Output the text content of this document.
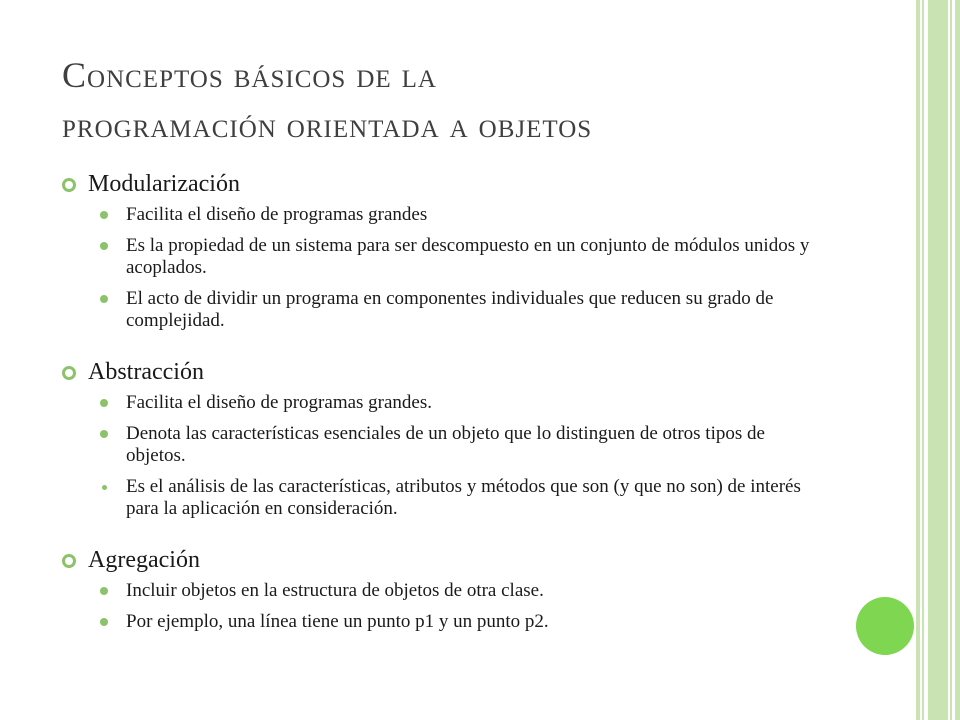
Conceptos básicos de la
programación orientada a objetos
Modularización
Facilita el diseño de programas grandes
Es la propiedad de un sistema para ser descompuesto en un conjunto de módulos unidos y acoplados.
El acto de dividir un programa en componentes individuales que reducen su grado de complejidad.
Abstracción
Facilita el diseño de programas grandes.
Denota las características esenciales de un objeto que lo distinguen de otros tipos de objetos.
Es el análisis de las características, atributos y métodos que son (y que no son) de interés para la aplicación en consideración.
Agregación
Incluir objetos en la estructura de objetos de otra clase.
Por ejemplo, una línea tiene un punto p1 y un punto p2.
